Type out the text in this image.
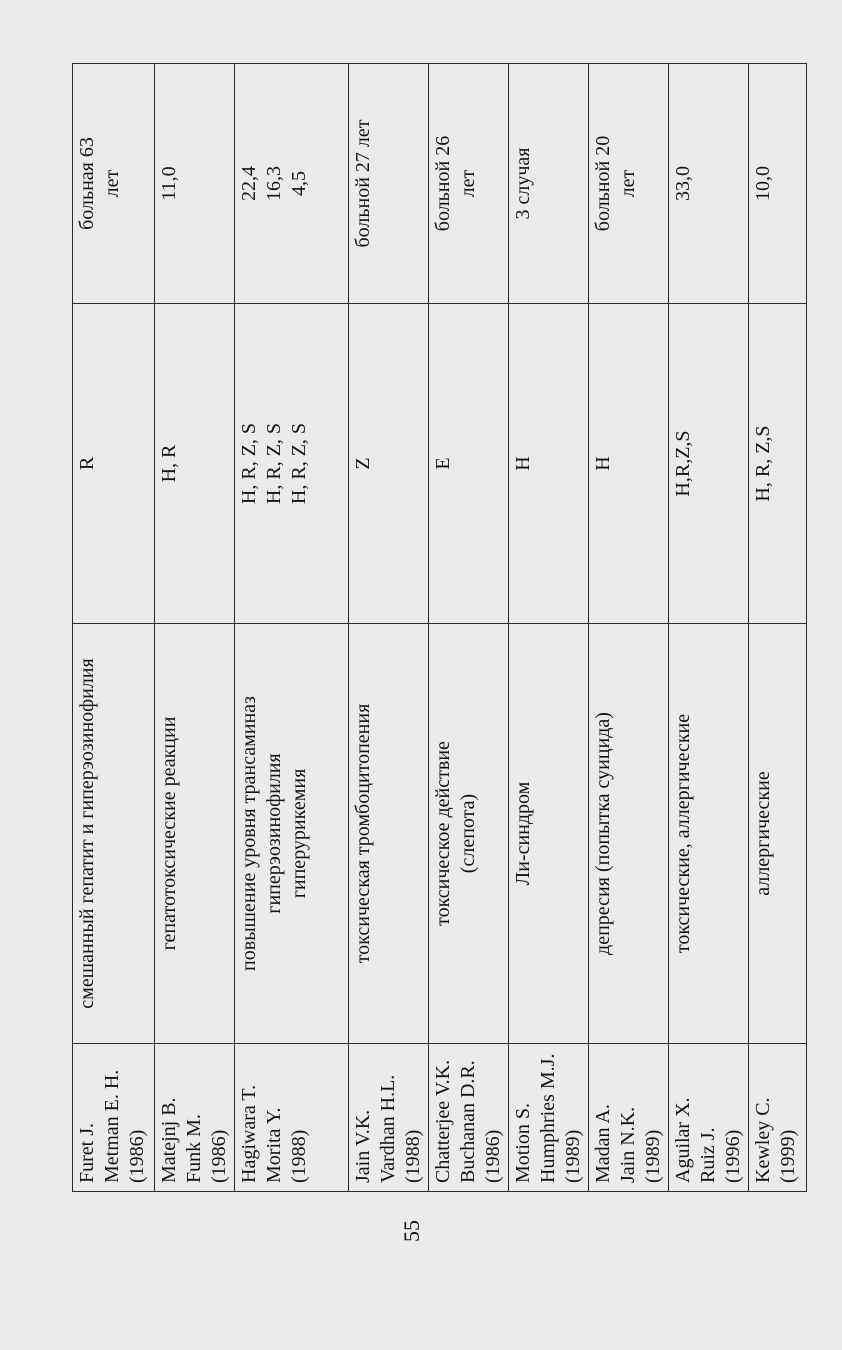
Furet J. Metman E. H. (1986)	смешанный гепатит и гиперэозинофилия	R	больная 63 лет

Matejnj B. Funk M. (1986)	гепатотоксические реакции	H, R	11,0

Hagiwara T. Morita Y. (1988)	повышение уровня трансаминаз гиперэозинофилия гиперурикемия	H, R, Z, S H, R, Z, S H, R, Z, S	22,4 16,3 4,5

Jain V.K. Vardhan H.L. (1988)	токсическая тромбоцитопения	Z	больной 27 лет

Chatterjee V.K. Buchanan D.R. (1986)	токсическое действие (слепота)	E	больной 26 лет

Motion S. Humphries M.J. (1989)	Ли-синдром	H	3 случая

Madan A. Jain N.K. (1989)	депресия (попытка суицида)	H	больной 20 лет

Aguilar X. Ruiz J. (1996)	токсические, аллергические	H,R,Z,S	33,0

Kewley C. (1999)	аллергические	H, R, Z,S	10,0
55
